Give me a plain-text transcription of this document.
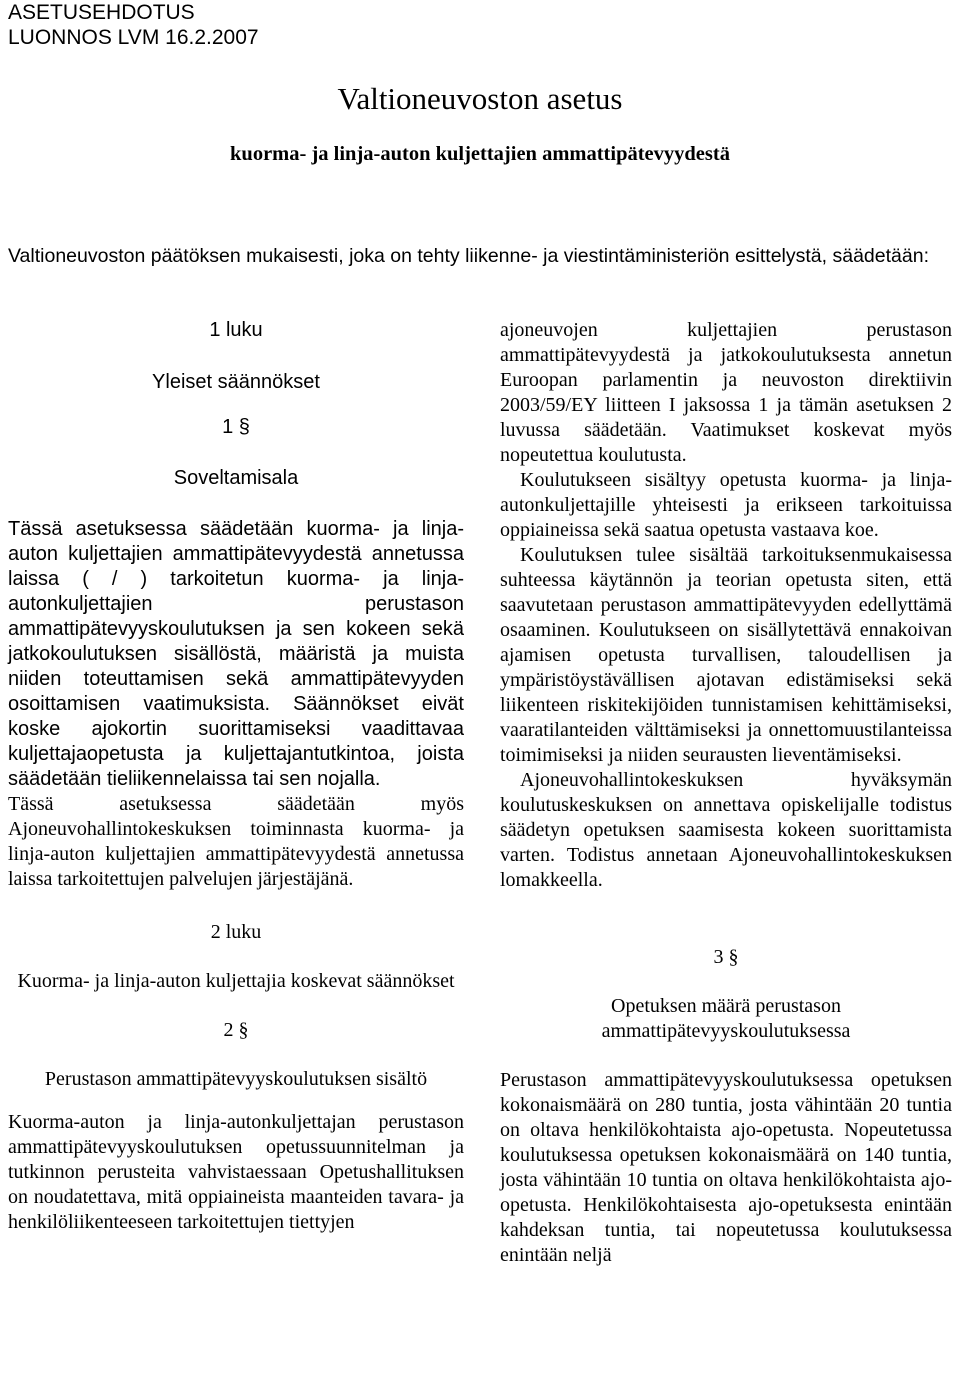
ASETUSEHDOTUS
LUONNOS LVM 16.2.2007
Valtioneuvoston asetus
kuorma- ja linja-auton kuljettajien ammattipätevyydestä
Valtioneuvoston päätöksen mukaisesti, joka on tehty liikenne- ja viestintäministeriön esittelystä, säädetään:
1 luku
Yleiset säännökset
1 §
Soveltamisala

Tässä asetuksessa säädetään kuorma- ja linja-auton kuljettajien ammattipätevyydestä annetussa laissa ( / ) tarkoitetun kuorma- ja linja-autonkuljettajien perustason ammattipätevyyskoulutuksen ja sen kokeen sekä jatkokoulutuksen sisällöstä, määristä ja muista niiden toteuttamisen sekä ammattipätevyyden osoittamisen vaatimuksista. Säännökset eivät koske ajokortin suorittamiseksi vaadittavaa kuljettajaopetusta ja kuljettajantutkintoa, joista säädetään tieliikennelaissa tai sen nojalla.

Tässä asetuksessa säädetään myös Ajoneuvohallintokeskuksen toiminnasta kuorma- ja linja-auton kuljettajien ammattipätevyydestä annetussa laissa tarkoitettujen palvelujen järjestäjänä.

2 luku
Kuorma- ja linja-auton kuljettajia koskevat säännökset
2 §
Perustason ammattipätevyyskoulutuksen sisältö

Kuorma-auton ja linja-autonkuljettajan perustason ammattipätevyyskoulutuksen opetussuunnitelman ja tutkinnon perusteita vahvistaessaan Opetushallituksen on noudatettava, mitä oppiaineista maanteiden tavara- ja henkilöliikenteeseen tarkoitettujen tiettyjen

ajoneuvojen kuljettajien perustason ammattipätevyydestä ja jatkokoulutuksesta annetun Euroopan parlamentin ja neuvoston direktiivin 2003/59/EY liitteen I jaksossa 1 ja tämän asetuksen 2 luvussa säädetään. Vaatimukset koskevat myös nopeutettua koulutusta.

Koulutukseen sisältyy opetusta kuorma- ja linja-autonkuljettajille yhteisesti ja erikseen tarkoituissa oppiaineissa sekä saatua opetusta vastaava koe.

Koulutuksen tulee sisältää tarkoituksenmukaisessa suhteessa käytännön ja teorian opetusta siten, että saavutetaan perustason ammattipätevyyden edellyttämä osaaminen. Koulutukseen on sisällytettävä ennakoivan ajamisen opetusta turvallisen, taloudellisen ja ympäristöystävällisen ajotavan edistämiseksi sekä liikenteen riskitekijöiden tunnistamisen kehittämiseksi, vaaratilanteiden välttämiseksi ja onnettomuustilanteissa toimimiseksi ja niiden seurausten lieventämiseksi.

Ajoneuvohallintokeskuksen hyväksymän koulutuskeskuksen on annettava opiskelijalle todistus säädetyn opetuksen saamisesta kokeen suorittamista varten. Todistus annetaan Ajoneuvohallintokeskuksen lomakkeella.

3 §
Opetuksen määrä perustason ammattipätevyyskoulutuksessa

Perustason ammattipätevyyskoulutuksessa opetuksen kokonaismäärä on 280 tuntia, josta vähintään 20 tuntia on oltava henkilökohtaista ajo-opetusta. Nopeutetussa koulutuksessa opetuksen kokonaismäärä on 140 tuntia, josta vähintään 10 tuntia on oltava henkilökohtaista ajo-opetusta. Henkilökohtaisesta ajo-opetuksesta enintään kahdeksan tuntia, tai nopeutetussa koulutuksessa enintään neljä
